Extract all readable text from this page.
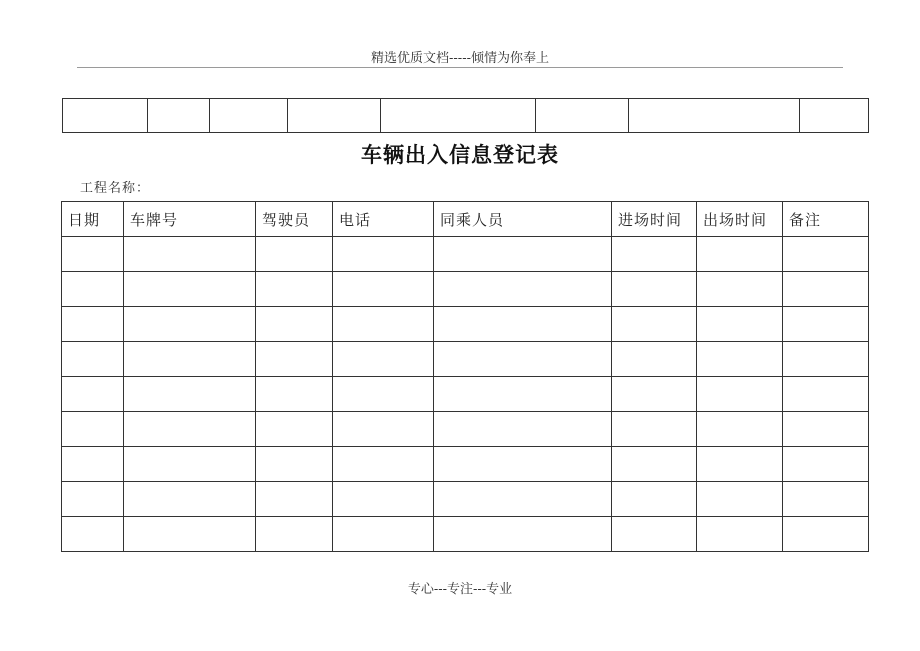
精选优质文档-----倾情为你奉上

车辆出入信息登记表
工程名称：
日期	车牌号	驾驶员	电话	同乘人员	进场时间	出场时间	备注

专心---专注---专业
